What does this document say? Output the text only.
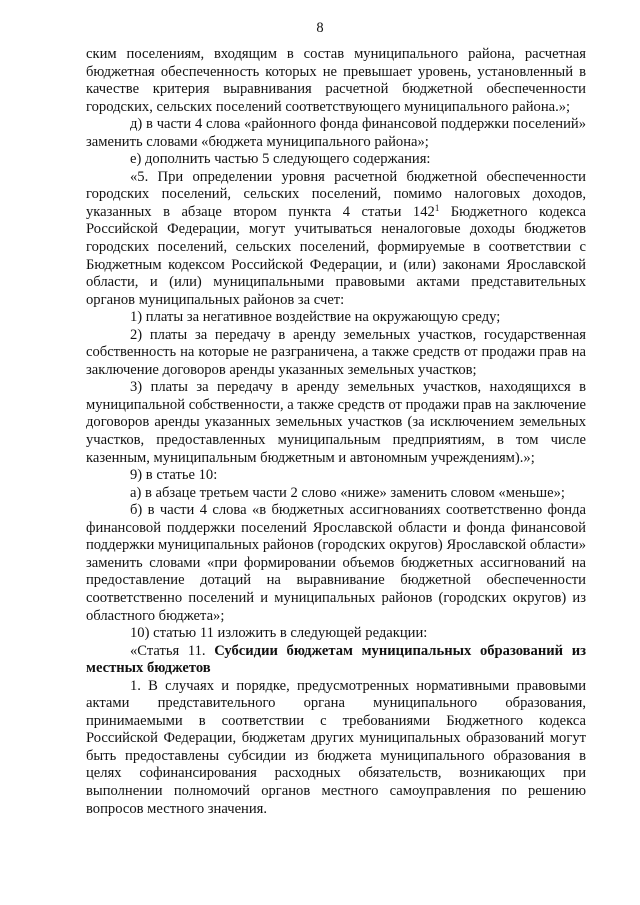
8

ским поселениям, входящим в состав муниципального района, расчетная бюджетная обеспеченность которых не превышает уровень, установленный в качестве критерия выравнивания расчетной бюджетной обеспеченности городских, сельских поселений соответствующего муниципального района.»;

д) в части 4 слова «районного фонда финансовой поддержки поселений» заменить словами «бюджета муниципального района»;

е) дополнить частью 5 следующего содержания:

«5. При определении уровня расчетной бюджетной обеспеченности городских поселений, сельских поселений, помимо налоговых доходов, указанных в абзаце втором пункта 4 статьи $142^1$ Бюджетного кодекса Российской Федерации, могут учитываться неналоговые доходы бюджетов городских поселений, сельских поселений, формируемые в соответствии с Бюджетным кодексом Российской Федерации, и (или) законами Ярославской области, и (или) муниципальными правовыми актами представительных органов муниципальных районов за счет:

1) платы за негативное воздействие на окружающую среду;

2) платы за передачу в аренду земельных участков, государственная собственность на которые не разграничена, а также средств от продажи прав на заключение договоров аренды указанных земельных участков;

3) платы за передачу в аренду земельных участков, находящихся в муниципальной собственности, а также средств от продажи прав на заключение договоров аренды указанных земельных участков (за исключением земельных участков, предоставленных муниципальным предприятиям, в том числе казенным, муниципальным бюджетным и автономным учреждениям).»;

9) в статье 10:

а) в абзаце третьем части 2 слово «ниже» заменить словом «меньше»;

б) в части 4 слова «в бюджетных ассигнованиях соответственно фонда финансовой поддержки поселений Ярославской области и фонда финансовой поддержки муниципальных районов (городских округов) Ярославской области» заменить словами «при формировании объемов бюджетных ассигнований на предоставление дотаций на выравнивание бюджетной обеспеченности соответственно поселений и муниципальных районов (городских округов) из областного бюджета»;

10) статью 11 изложить в следующей редакции:

«Статья 11. Субсидии бюджетам муниципальных образований из местных бюджетов

1. В случаях и порядке, предусмотренных нормативными правовыми актами представительного органа муниципального образования, принимаемыми в соответствии с требованиями Бюджетного кодекса Российской Федерации, бюджетам других муниципальных образований могут быть предоставлены субсидии из бюджета муниципального образования в целях софинансирования расходных обязательств, возникающих при выполнении полномочий органов местного самоуправления по решению вопросов местного значения.
